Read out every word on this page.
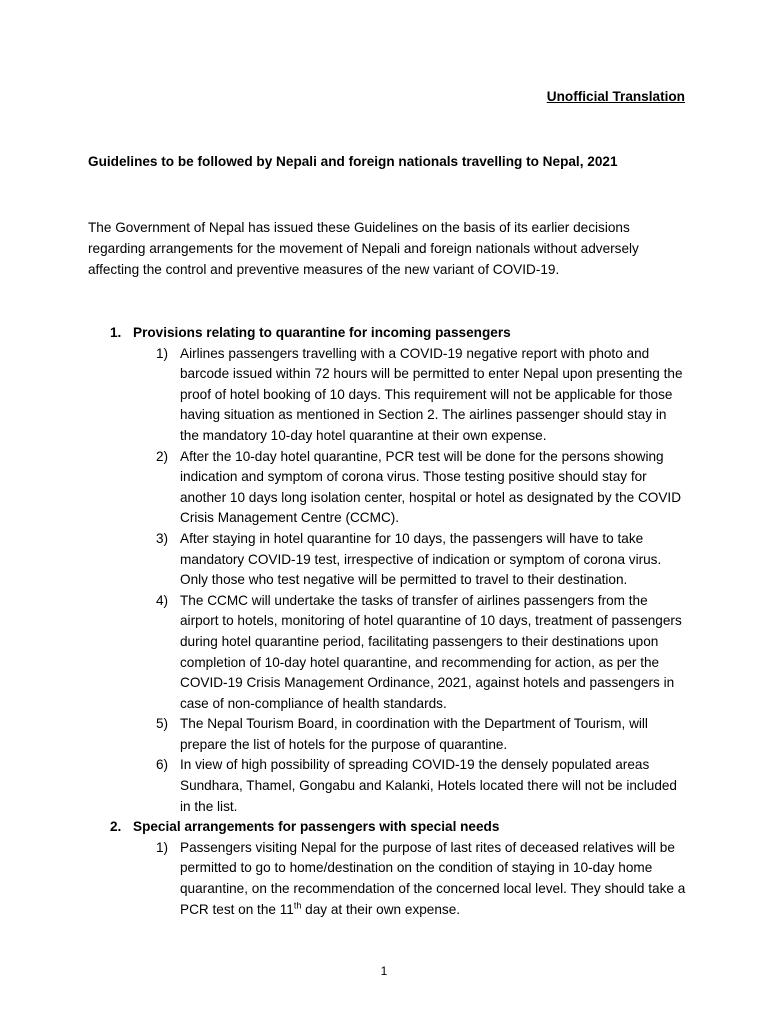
Unofficial Translation
Guidelines to be followed by Nepali and foreign nationals travelling to Nepal, 2021

The Government of Nepal has issued these Guidelines on the basis of its earlier decisions regarding arrangements for the movement of Nepali and foreign nationals without adversely affecting the control and preventive measures of the new variant of COVID-19.

1. Provisions relating to quarantine for incoming passengers
1) Airlines passengers travelling with a COVID-19 negative report with photo and barcode issued within 72 hours will be permitted to enter Nepal upon presenting the proof of hotel booking of 10 days. This requirement will not be applicable for those having situation as mentioned in Section 2. The airlines passenger should stay in the mandatory 10-day hotel quarantine at their own expense.
2) After the 10-day hotel quarantine, PCR test will be done for the persons showing indication and symptom of corona virus. Those testing positive should stay for another 10 days long isolation center, hospital or hotel as designated by the COVID Crisis Management Centre (CCMC).
3) After staying in hotel quarantine for 10 days, the passengers will have to take mandatory COVID-19 test, irrespective of indication or symptom of corona virus. Only those who test negative will be permitted to travel to their destination.
4) The CCMC will undertake the tasks of transfer of airlines passengers from the airport to hotels, monitoring of hotel quarantine of 10 days, treatment of passengers during hotel quarantine period, facilitating passengers to their destinations upon completion of 10-day hotel quarantine, and recommending for action, as per the COVID-19 Crisis Management Ordinance, 2021, against hotels and passengers in case of non-compliance of health standards.
5) The Nepal Tourism Board, in coordination with the Department of Tourism, will prepare the list of hotels for the purpose of quarantine.
6) In view of high possibility of spreading COVID-19 the densely populated areas Sundhara, Thamel, Gongabu and Kalanki, Hotels located there will not be included in the list.
2. Special arrangements for passengers with special needs
1) Passengers visiting Nepal for the purpose of last rites of deceased relatives will be permitted to go to home/destination on the condition of staying in 10-day home quarantine, on the recommendation of the concerned local level. They should take a PCR test on the 11th day at their own expense.
1
